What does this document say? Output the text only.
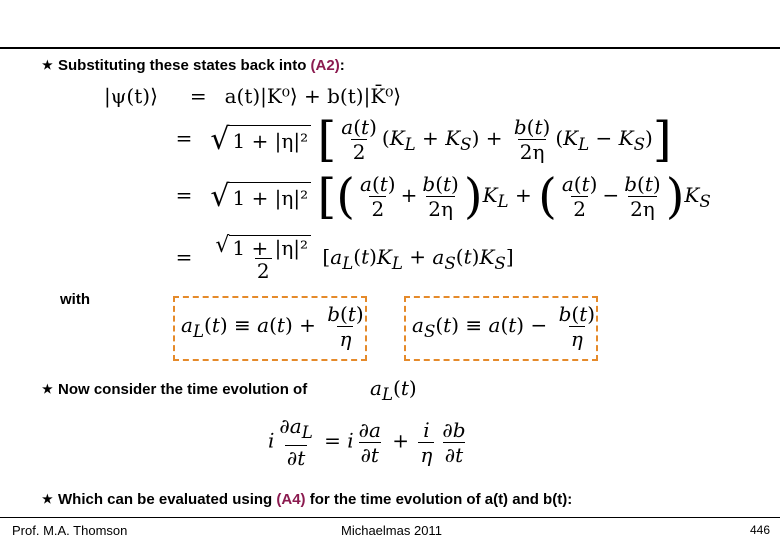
★ Substituting these states back into (A2):
|ψ(t)⟩ = a(t)|K⁰⟩ + b(t)|K̄⁰⟩
= √ 1 + |η|² [ $\frac{a(t)}{2} (K_L + K_S) + \frac{b(t)}{2\eta} (K_L - K_S)$]
= √ 1 + |η|² [( $\frac{a(t)}{2} + \frac{b(t)}{2\eta} )K_L$ + ( $\frac{a(t)}{2} - \frac{b(t)}{2\eta} )K_S$
= $\frac{\text{√ 1 + |η|²}}{2} [a_L(t)K_L + a_S(t)K_S]$
with
$a_L(t) \equiv a(t) + \frac{b(t)}{\eta} a_S(t) \equiv a(t) - \frac{b(t)}{\eta}$
★ Now consider the time evolution of	$a_L(t)$
i $\frac{\partial a_L}{\partial t} = i \frac{\partial a}{\partial t} + \frac{i}{\eta} \frac{\partial b}{\partial t}$
★ Which can be evaluated using (A4) for the time evolution of a(t) and b(t):
Prof. M.A. Thomson	Michaelmas 2011	446
